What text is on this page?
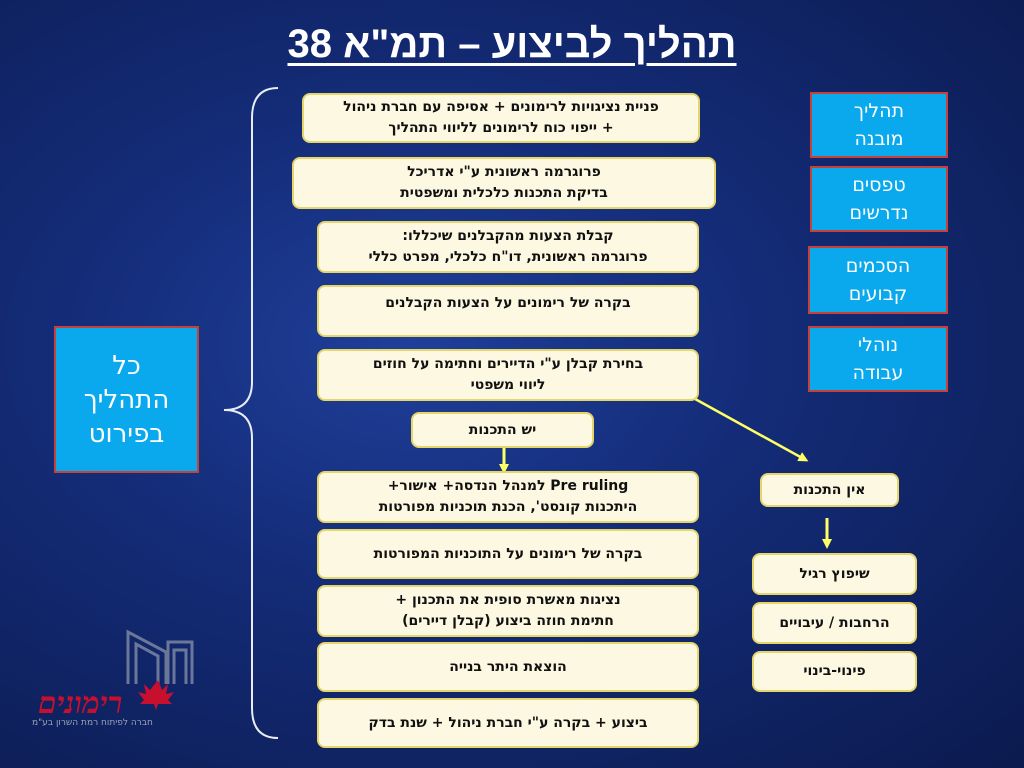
תהליך לביצוע – תמ"א 38
כל
התהליך
בפירוט
תהליך
מובנה
טפסים
נדרשים
הסכמים
קבועים
נוהלי
עבודה
פניית נציגויות לרימונים + אסיפה עם חברת ניהול
+ ייפוי כוח לרימונים לליווי התהליך
פרוגרמה ראשונית ע"י אדריכל
בדיקת התכנות כלכלית ומשפטית
קבלת הצעות מהקבלנים שיכללו:
פרוגרמה ראשונית, דו"ח כלכלי, מפרט כללי
בקרה של רימונים על הצעות הקבלנים
בחירת קבלן ע"י הדיירים וחתימה על חוזים
ליווי משפטי
יש התכנות
Pre ruling למנהל הנדסה+ אישור+
היתכנות קונסט', הכנת תוכניות מפורטות
בקרה של רימונים על התוכניות המפורטות
נציגות מאשרת סופית את התכנון +
חתימת חוזה ביצוע (קבלן דיירים)
הוצאת היתר בנייה
ביצוע + בקרה ע"י חברת ניהול + שנת בדק
אין התכנות
שיפוץ רגיל
הרחבות / עיבויים
פינוי-בינוי
רימונים
חברה לפיתוח רמת השרון בע"מ
